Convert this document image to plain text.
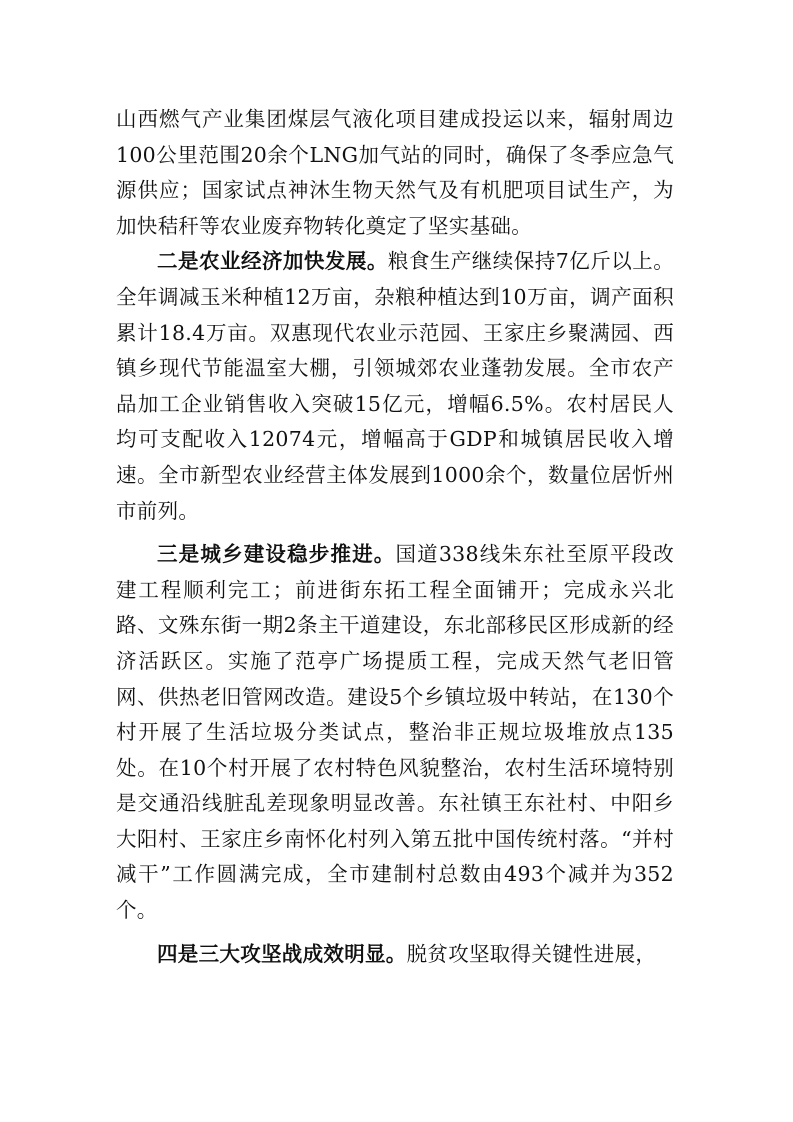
山西燃气产业集团煤层气液化项目建成投运以来，辐射周边100公里范围20余个LNG加气站的同时，确保了冬季应急气源供应；国家试点神沐生物天然气及有机肥项目试生产，为加快秸秆等农业废弃物转化奠定了坚实基础。

二是农业经济加快发展。粮食生产继续保持7亿斤以上。全年调减玉米种植12万亩，杂粮种植达到10万亩，调产面积累计18.4万亩。双惠现代农业示范园、王家庄乡聚满园、西镇乡现代节能温室大棚，引领城郊农业蓬勃发展。全市农产品加工企业销售收入突破15亿元，增幅6.5%。农村居民人均可支配收入12074元，增幅高于GDP和城镇居民收入增速。全市新型农业经营主体发展到1000余个，数量位居忻州市前列。

三是城乡建设稳步推进。国道338线朱东社至原平段改建工程顺利完工；前进街东拓工程全面铺开；完成永兴北路、文殊东街一期2条主干道建设，东北部移民区形成新的经济活跃区。实施了范亭广场提质工程，完成天然气老旧管网、供热老旧管网改造。建设5个乡镇垃圾中转站，在130个村开展了生活垃圾分类试点，整治非正规垃圾堆放点135处。在10个村开展了农村特色风貌整治，农村生活环境特别是交通沿线脏乱差现象明显改善。东社镇王东社村、中阳乡大阳村、王家庄乡南怀化村列入第五批中国传统村落。“并村减干”工作圆满完成，全市建制村总数由493个减并为352个。

四是三大攻坚战成效明显。脱贫攻坚取得关键性进展，
